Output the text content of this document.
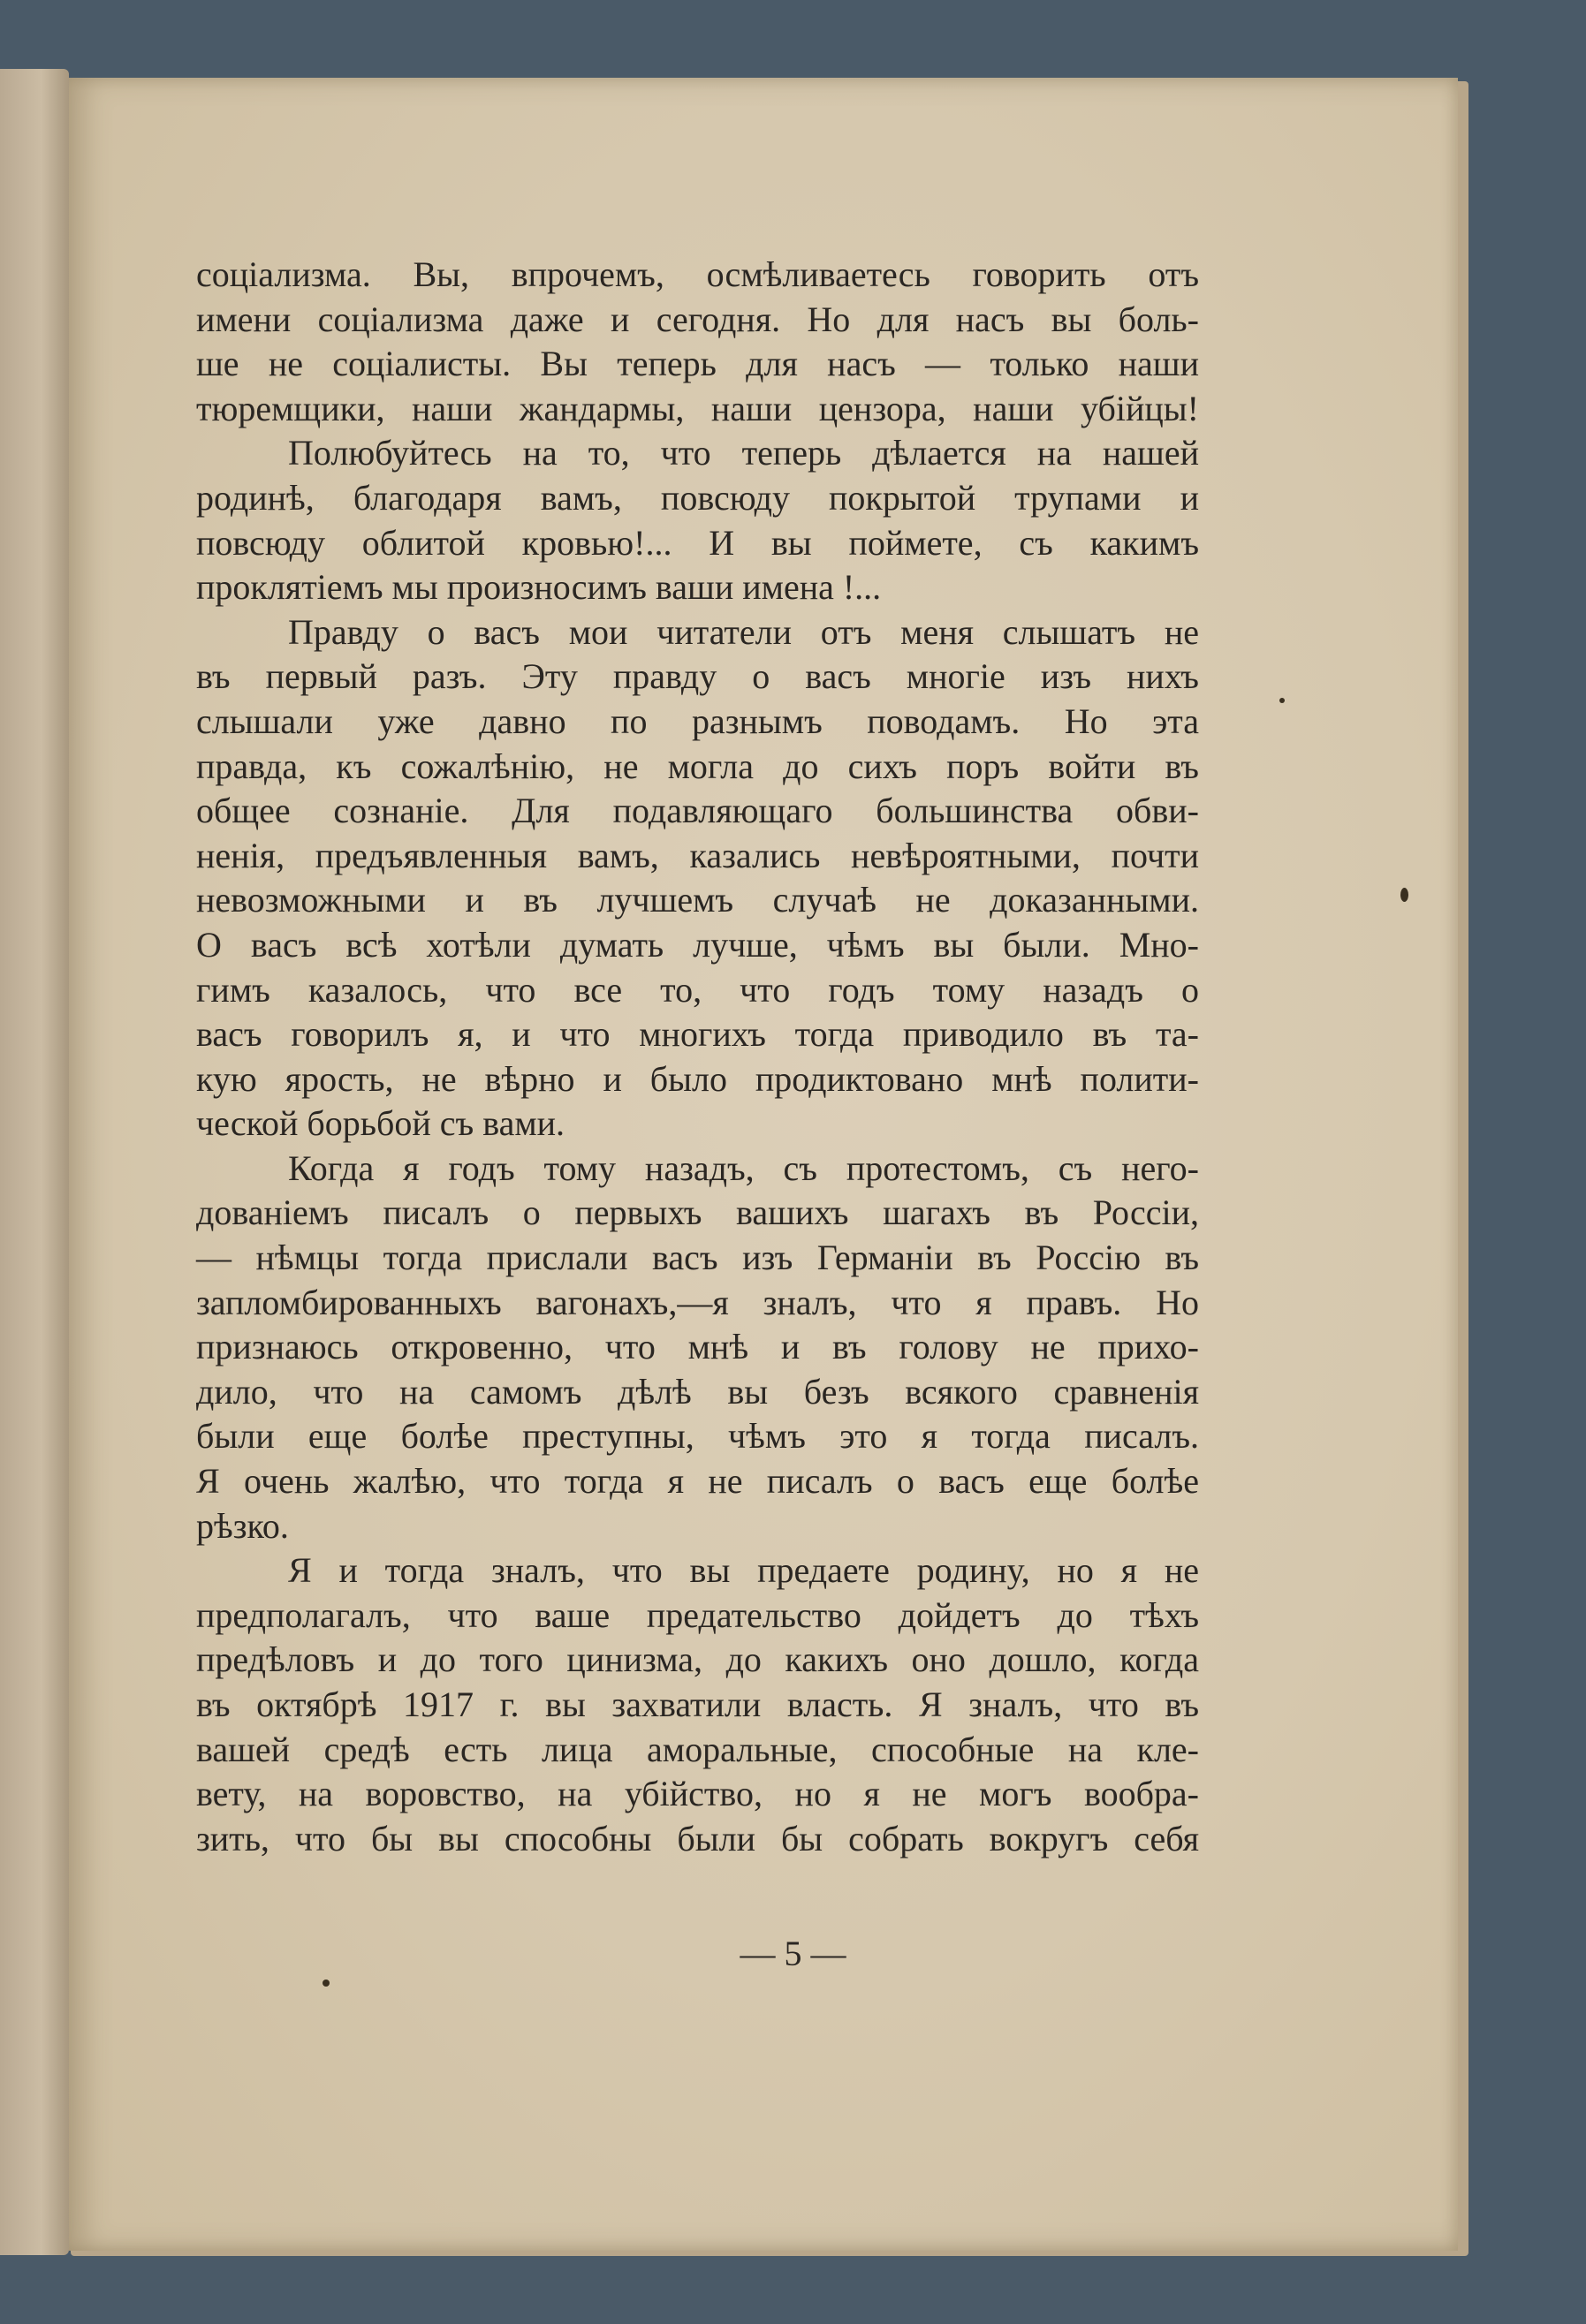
соціализма. Вы, впрочемъ, осмѣливаетесь говорить отъ
имени соціализма даже и сегодня. Но для насъ вы боль-
ше не соціалисты. Вы теперь для насъ — только наши
тюремщики, наши жандармы, наши цензора, наши убійцы!
Полюбуйтесь на то, что теперь дѣлается на нашей
родинѣ, благодаря вамъ, повсюду покрытой трупами и
повсюду облитой кровью!... И вы поймете, съ какимъ
проклятіемъ мы произносимъ ваши имена !...
Правду о васъ мои читатели отъ меня слышатъ не
въ первый разъ. Эту правду о васъ многіе изъ нихъ
слышали уже давно по разнымъ поводамъ. Но эта
правда, къ сожалѣнію, не могла до сихъ поръ войти въ
общее сознаніе. Для подавляющаго большинства обви-
ненія, предъявленныя вамъ, казались невѣроятными, почти
невозможными и въ лучшемъ случаѣ не доказанными.
О васъ всѣ хотѣли думать лучше, чѣмъ вы были. Мно-
гимъ казалось, что все то, что годъ тому назадъ о
васъ говорилъ я, и что многихъ тогда приводило въ та-
кую ярость, не вѣрно и было продиктовано мнѣ полити-
ческой борьбой съ вами.
Когда я годъ тому назадъ, съ протестомъ, съ него-
дованіемъ писалъ о первыхъ вашихъ шагахъ въ Россіи,
— нѣмцы тогда прислали васъ изъ Германіи въ Россію въ
запломбированныхъ вагонахъ,—я зналъ, что я правъ. Но
признаюсь откровенно, что мнѣ и въ голову не прихо-
дило, что на самомъ дѣлѣ вы безъ всякого сравненія
были еще болѣе преступны, чѣмъ это я тогда писалъ.
Я очень жалѣю, что тогда я не писалъ о васъ еще болѣе
рѣзко.
Я и тогда зналъ, что вы предаете родину, но я не
предполагалъ, что ваше предательство дойдетъ до тѣхъ
предѣловъ и до того цинизма, до какихъ оно дошло, когда
въ октябрѣ 1917 г. вы захватили власть. Я зналъ, что въ
вашей средѣ есть лица аморальные, способные на кле-
вету, на воровство, на убійство, но я не могъ вообра-
зить, что бы вы способны были бы собрать вокругъ себя
— 5 —
